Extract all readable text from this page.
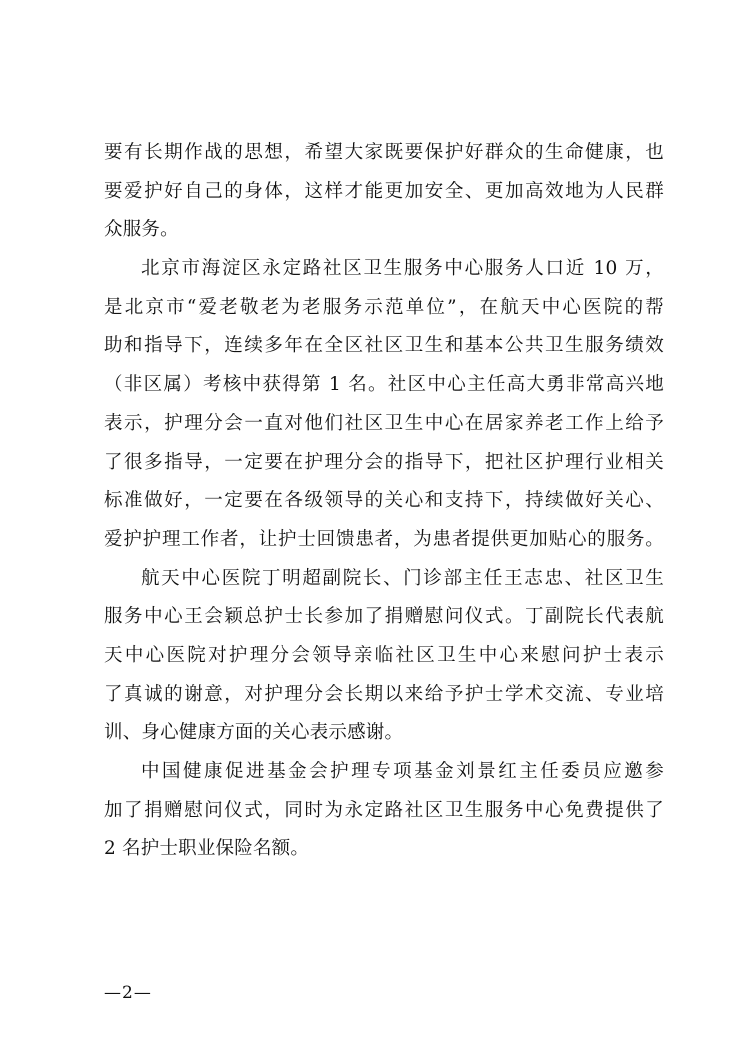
要有长期作战的思想，希望大家既要保护好群众的生命健康，也
要爱护好自己的身体，这样才能更加安全、更加高效地为人民群
众服务。
北京市海淀区永定路社区卫生服务中心服务人口近 10 万，
是北京市“爱老敬老为老服务示范单位”，在航天中心医院的帮
助和指导下，连续多年在全区社区卫生和基本公共卫生服务绩效
（非区属）考核中获得第 1 名。社区中心主任高大勇非常高兴地
表示，护理分会一直对他们社区卫生中心在居家养老工作上给予
了很多指导，一定要在护理分会的指导下，把社区护理行业相关
标准做好，一定要在各级领导的关心和支持下，持续做好关心、
爱护护理工作者，让护士回馈患者，为患者提供更加贴心的服务。
航天中心医院丁明超副院长、门诊部主任王志忠、社区卫生
服务中心王会颖总护士长参加了捐赠慰问仪式。丁副院长代表航
天中心医院对护理分会领导亲临社区卫生中心来慰问护士表示
了真诚的谢意，对护理分会长期以来给予护士学术交流、专业培
训、身心健康方面的关心表示感谢。
中国健康促进基金会护理专项基金刘景红主任委员应邀参
加了捐赠慰问仪式，同时为永定路社区卫生服务中心免费提供了
2 名护士职业保险名额。
—2—
